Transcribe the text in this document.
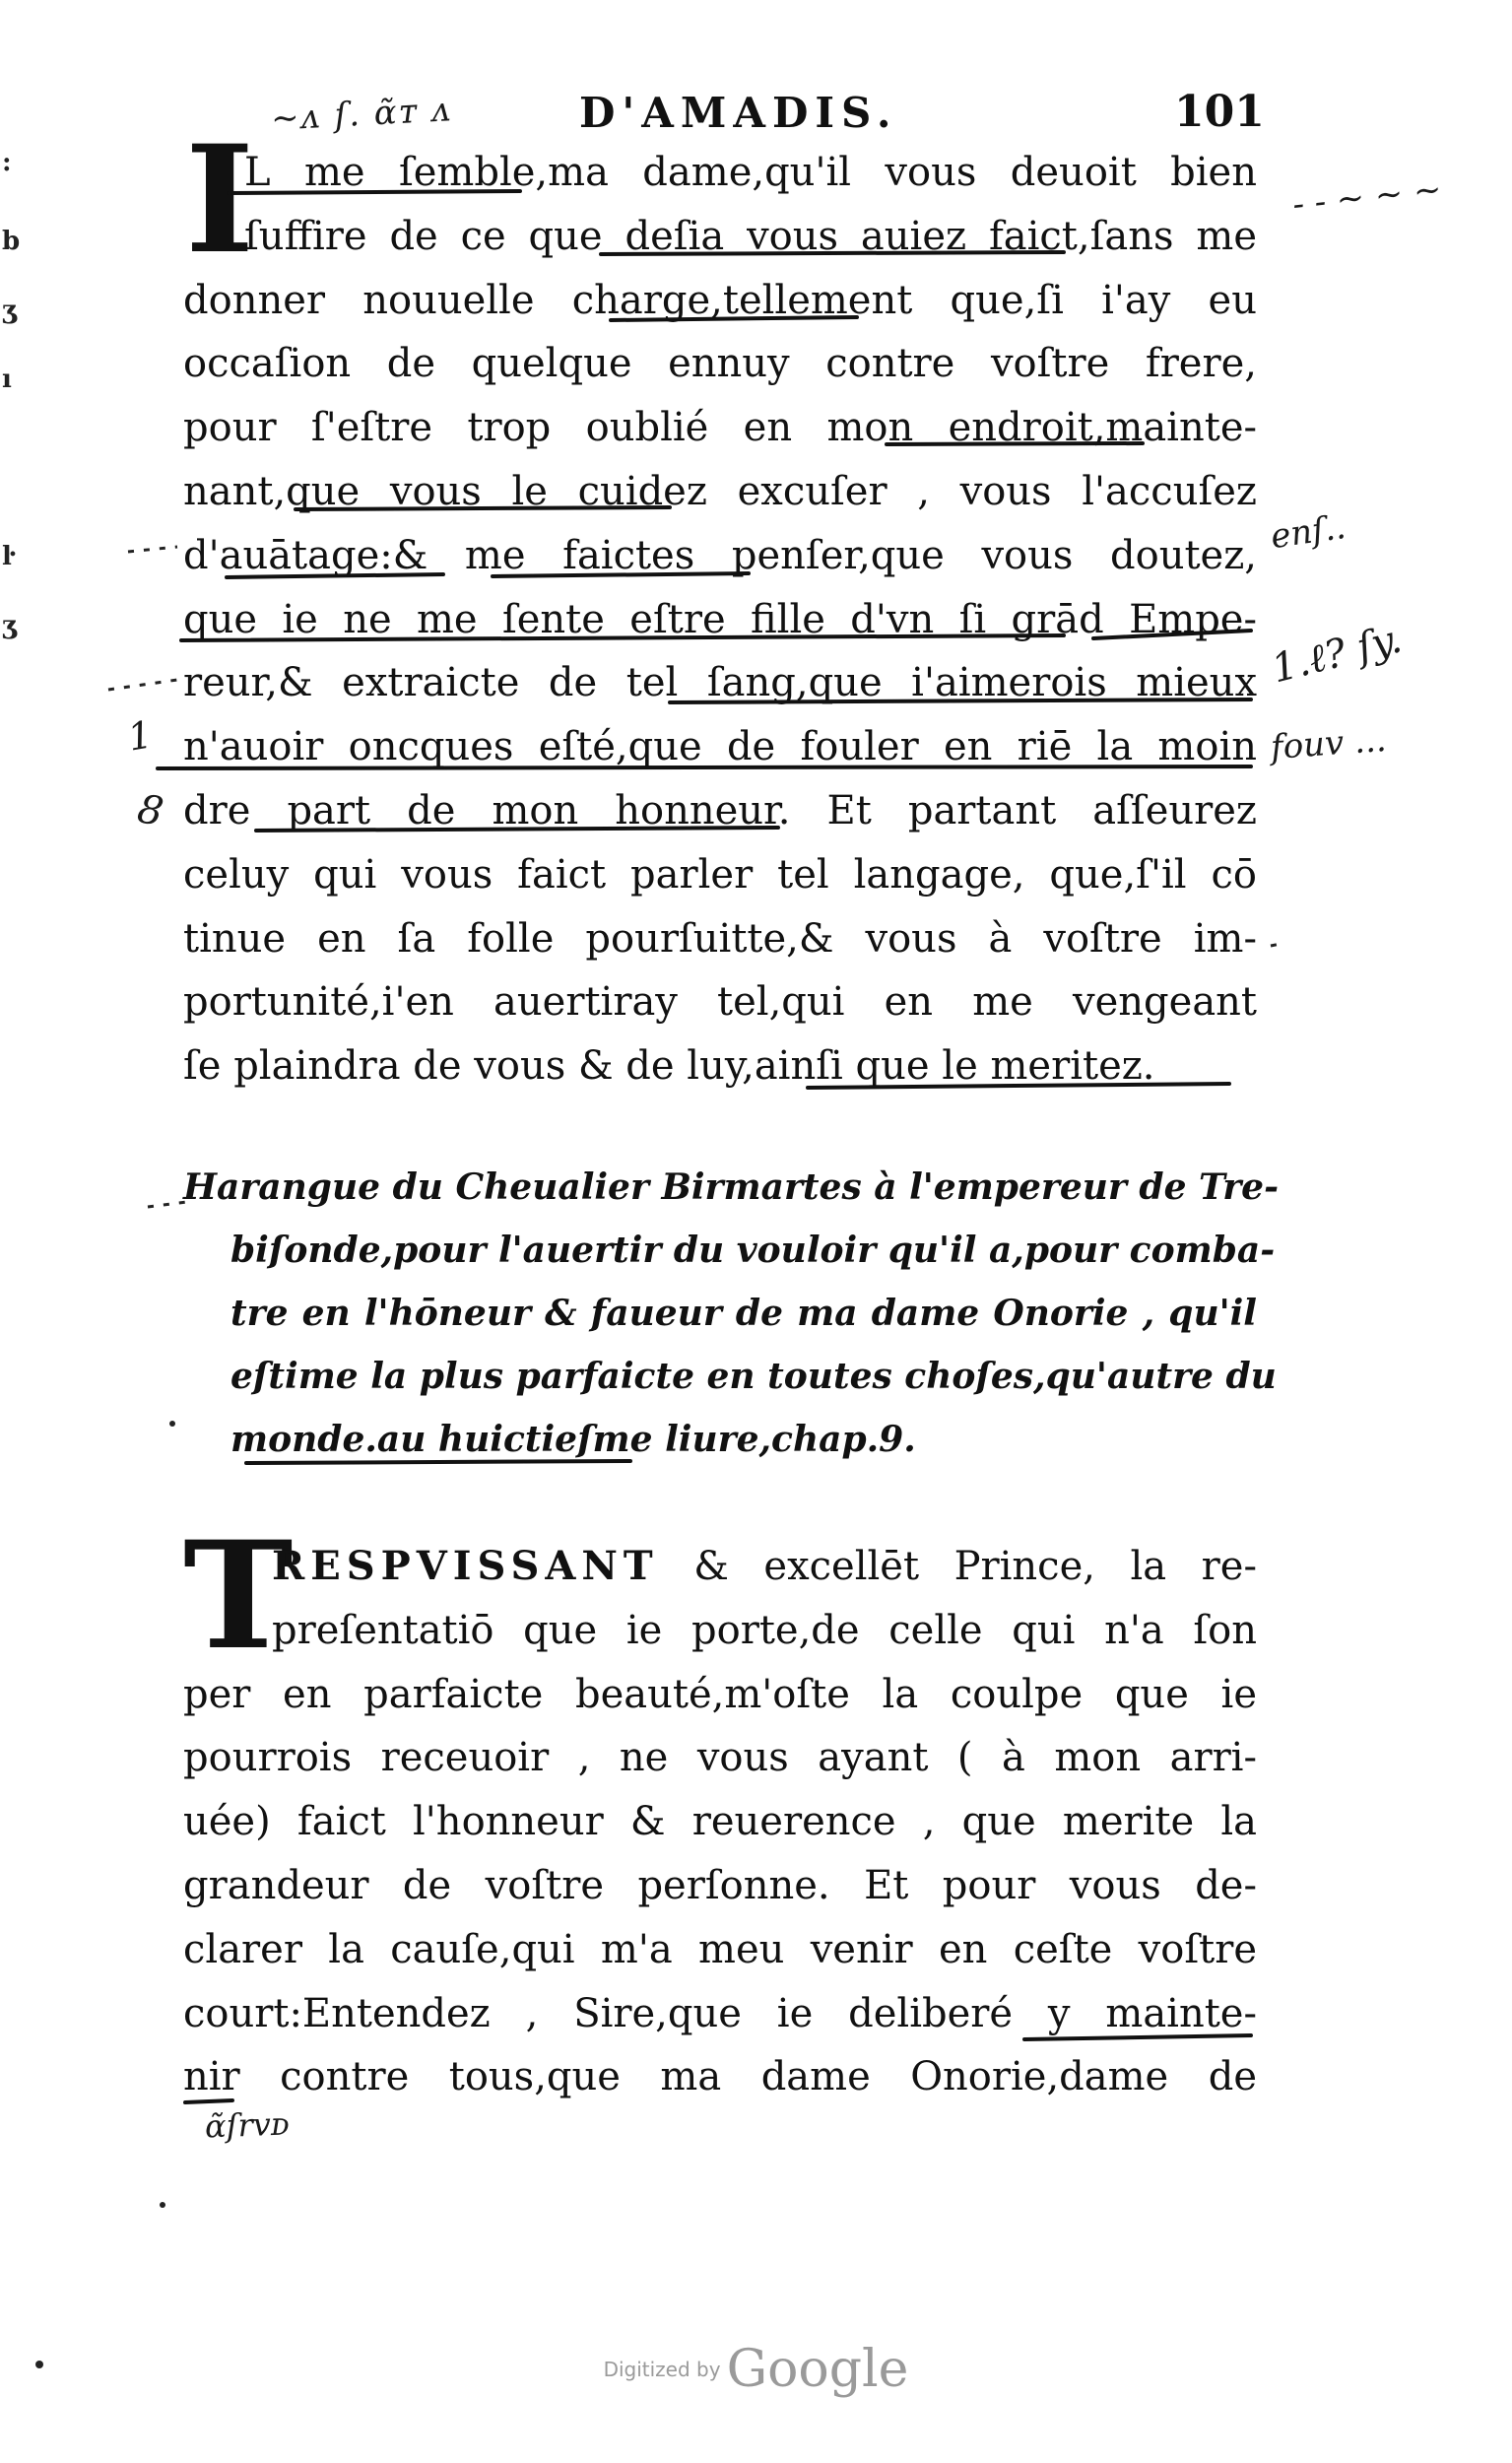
:
b
ʒ
ı
ŀ
ʒ
~ᴧ ſ. ɑ̃ᴛ ᴧ	D'AMADIS.	101
I
L me ſemble,ma dame,qu'il vous deuoit bien
ſuffire de ce que deſia vous auiez faict,ſans me
donner nouuelle charge,tellement que,ſi i'ay eu
occaſion de quelque ennuy contre voſtre frere,
pour ſ'eſtre trop oublié en mon endroit,mainte-
nant,que vous le cuidez excuſer , vous l'accuſez
d'auātage:& me faictes penſer,que vous doutez,
que ie ne me ſente eſtre fille d'vn ſi grād Empe-
reur,& extraicte de tel ſang,que i'aimerois mieux
n'auoir oncques eſté,que de fouler en riē la moin
dre part de mon honneur. Et partant aſſeurez
celuy qui vous faict parler tel langage, que,ſ'il cō
tinue en ſa folle pourſuitte,& vous à voſtre im-
portunité,i'en auertiray tel,qui en me vengeant
ſe plaindra de vous & de luy,ainſi que le meritez.
Harangue du Cheualier Birmartes à l'empereur de Tre-
biſonde,pour l'auertir du vouloir qu'il a,pour comba-
tre en l'hōneur & faueur de ma dame Onorie , qu'il
eſtime la plus parfaicte en toutes choſes,qu'autre du
monde.au huictieſme liure,chap.9.
T
RESPVISSANT & excellēt Prince, la re-
preſentatiō que ie porte,de celle qui n'a ſon
per en parfaicte beauté,m'oſte la coulpe que ie
pourrois receuoir , ne vous ayant ( à mon arri-
uée) faict l'honneur & reuerence , que merite la
grandeur de voſtre perſonne. Et pour vous de-
clarer la cauſe,qui m'a meu venir en ceſte voſtre
court:Entendez , Sire,que ie deliberé y mainte-
nir contre tous,que ma dame Onorie,dame de
- - ~ ~ ~
enſ..
1.ℓ? ſy.
fouv ...
1
8
ɑ̃ſrvᴅ
Digitized by Google
